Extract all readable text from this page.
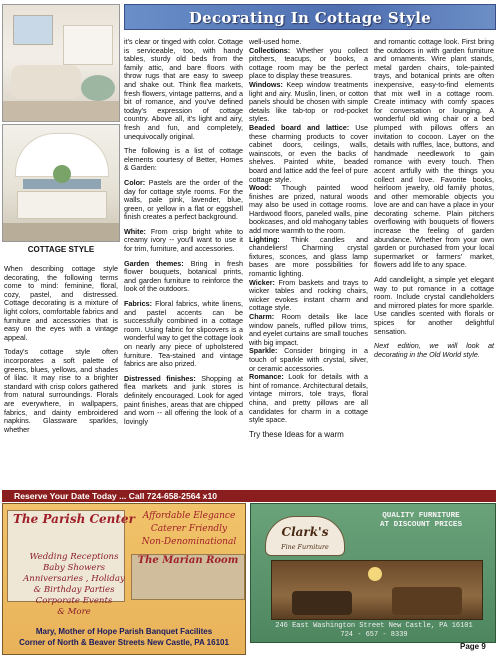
COTTAGE STYLE
Decorating In Cottage Style

When describing cottage style decorating, the following terms come to mind: feminine, floral, cozy, pastel, and distressed. Cottage decorating is a mixture of light colors, comfortable fabrics and furniture and accessories that is easy on the eyes with a vintage appeal.

Today's cottage style often incorporates a soft palette of greens, blues, yellows, and shades of lilac. It may rise to a brighter standard with crisp colors gathered from natural surroundings. Florals are everywhere, in wallpapers, fabrics, and dainty embroidered napkins. Glassware sparkles, whether

it's clear or tinged with color. Cottage is serviceable, too, with handy tables, sturdy old beds from the family attic, and bare floors with throw rugs that are easy to sweep and shake out. Think flea markets, fresh flowers, vintage patterns, and a bit of romance, and you've defined today's expression of cottage country. Above all, it's light and airy, fresh and fun, and completely, unequivocally original.

The following is a list of cottage elements courtesy of Better, Homes & Garden:

Color: Pastels are the order of the day for cottage style rooms. For the walls, pale pink, lavender, blue, green, or yellow in a flat or eggshell finish creates a perfect background.

White: From crisp bright white to creamy ivory -- you'll want to use it for trim, furniture, and accessories.

Garden themes: Bring in fresh flower bouquets, botanical prints, and garden furniture to reinforce the look of the outdoors.

Fabrics: Floral fabrics, white linens, and pastel accents can be successfully combined in a cottage room. Using fabric for slipcovers is a wonderful way to get the cottage look on nearly any piece of upholstered furniture. Tea-stained and vintage fabrics are also prized.

Distressed finishes: Shopping at flea markets and junk stores is definitely encouraged. Look for aged paint finishes, areas that are chipped and worn -- all offering the look of a lovingly

well-used home.

Collections: Whether you collect pitchers, teacups, or books, a cottage room may be the perfect place to display these treasures.

Windows: Keep window treatments light and airy. Muslin, linen, or cotton panels should be chosen with simple details like tab-top or rod-pocket styles.

Beaded board and lattice: Use these charming products to cover cabinet doors, ceilings, walls, wainscots, or even the backs of shelves. Painted white, beaded board and lattice add the feel of pure cottage style.

Wood: Though painted wood finishes are prized, natural woods may also be used in cottage rooms. Hardwood floors, paneled walls, pine bookcases, and old mahogany tables add more warmth to the room.

Lighting: Think candles and chandeliers! Charming crystal fixtures, sconces, and glass lamp bases are more possibilities for romantic lighting.

Wicker: From baskets and trays to wicker tables and rocking chairs, wicker evokes instant charm and cottage style.

Charm: Room details like lace window panels, ruffled pillow trims, and eyelet curtains are small touches with big impact.

Sparkle: Consider bringing in a touch of sparkle with crystal, silver, or ceramic accessories.

Romance: Look for details with a hint of romance. Architectural details, vintage mirrors, tole trays, floral china, and pretty pillows are all candidates for charm in a cottage style space.

Try these Ideas for a warm

and romantic cottage look. First bring the outdoors in with garden furniture and ornaments. Wire plant stands, metal garden chairs, tole-painted trays, and botanical prints are often inexpensive, easy-to-find elements that mix well in a cottage room. Create intimacy with comfy spaces for conversation or lounging. A wonderful old wing chair or a bed plumped with pillows offers an invitation to cocoon. Layer on the details with ruffles, lace, buttons, and handmade needlework to gain romance with every touch. Then accent artfully with the things you collect and love. Favorite books, heirloom jewelry, old family photos, and other memorable objects you love are and can have a place in your decorating scheme. Plain pitchers overflowing with bouquets of flowers increase the feeling of garden abundance. Whether from your own garden or purchased from your local supermarket or farmers' market, flowers add life to any space.

Add candlelight, a simple yet elegant way to put romance in a cottage room. Include crystal candleholders and mirrored plates for more sparkle. Use candles scented with florals or spices for another delightful sensation.

Next edition, we will look at decorating in the Old World style.

Reserve Your Date Today ... Call 724-658-2564 x10
The Parish Center
Wedding Receptions
Baby Showers
Anniversaries , Holiday
& Birthday Parties
Corporate Events
& More
Affordable Elegance
Caterer Friendly
Non-Denominational
The Marian Room
Mary, Mother of Hope Parish Banquet Facilites
Corner of North & Beaver Streets New Castle, PA 16101
Clark's
Fine Furniture
QUALITY FURNITURE
AT DISCOUNT PRICES
246 East Washington Street New Castle, PA 16101
724 - 657 - 8339
Page 9
